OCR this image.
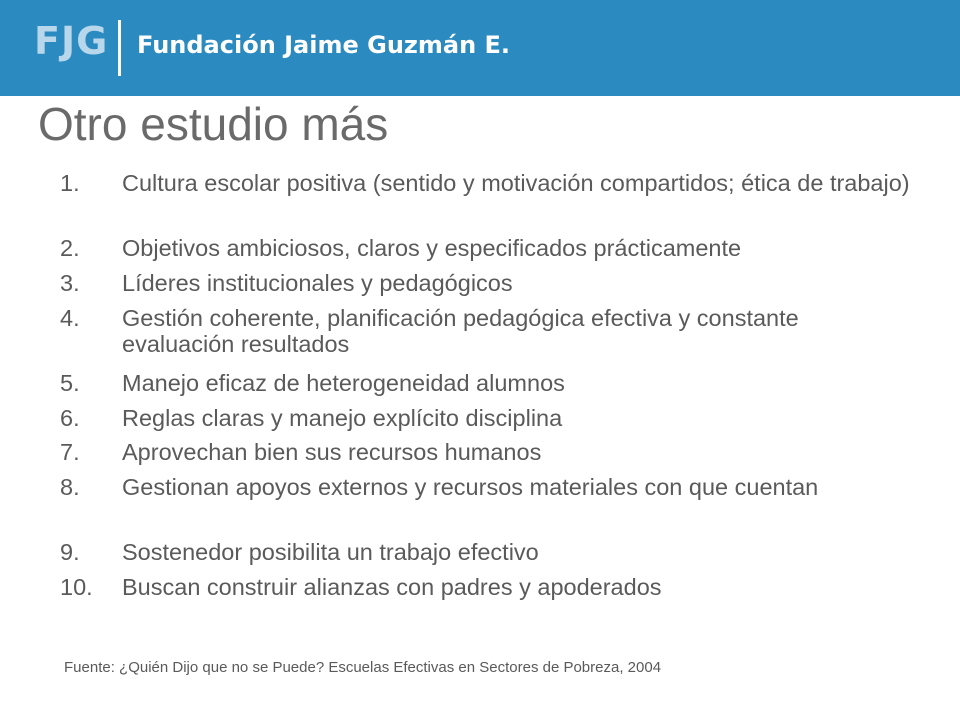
FJG Fundación Jaime Guzmán E.
Otro estudio más
1. Cultura escolar positiva (sentido y motivación compartidos; ética de trabajo)
2. Objetivos ambiciosos, claros y especificados prácticamente
3. Líderes institucionales y pedagógicos
4. Gestión coherente, planificación pedagógica efectiva y constante evaluación resultados
5. Manejo eficaz de heterogeneidad alumnos
6. Reglas claras y manejo explícito disciplina
7. Aprovechan bien sus recursos humanos
8. Gestionan apoyos externos y recursos materiales con que cuentan
9. Sostenedor posibilita un trabajo efectivo
10. Buscan construir alianzas con padres y apoderados
Fuente: ¿Quién Dijo que no se Puede? Escuelas Efectivas en Sectores de Pobreza, 2004
